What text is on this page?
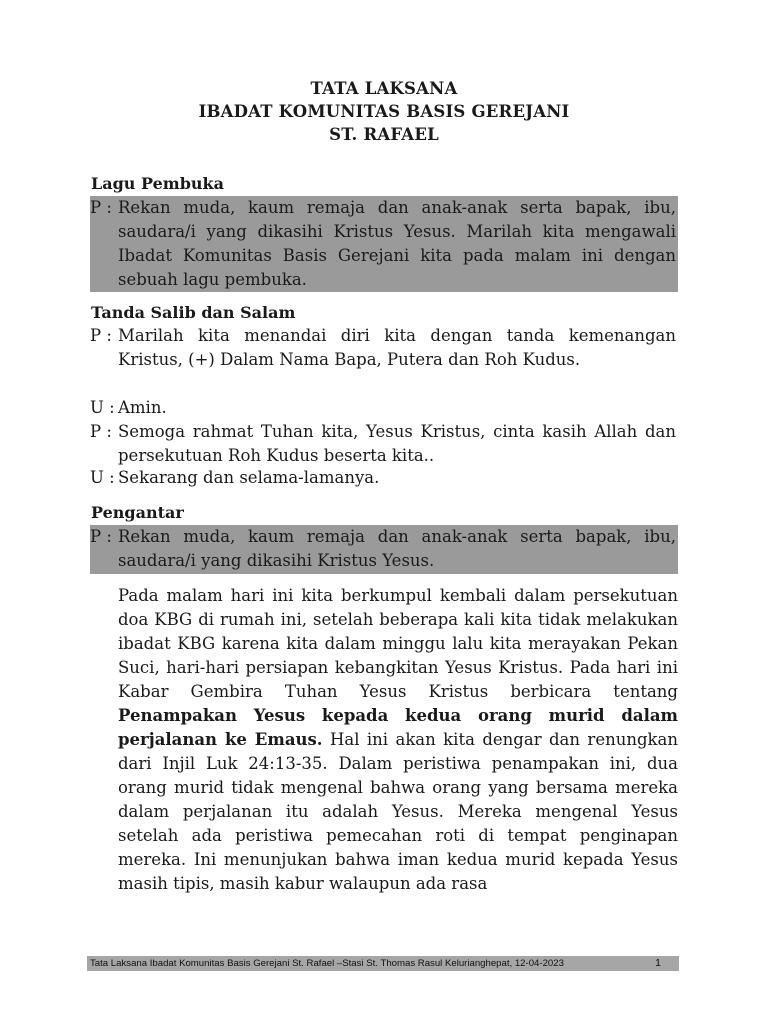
TATA LAKSANA
IBADAT KOMUNITAS BASIS GEREJANI
ST. RAFAEL
Lagu Pembuka
P : Rekan muda, kaum remaja dan anak-anak serta bapak, ibu, saudara/i yang dikasihi Kristus Yesus. Marilah kita mengawali Ibadat Komunitas Basis Gerejani kita pada malam ini dengan sebuah lagu pembuka.
Tanda Salib dan Salam
P : Marilah kita menandai diri kita dengan tanda kemenangan Kristus, (+) Dalam Nama Bapa, Putera dan Roh Kudus.
U : Amin.
P : Semoga rahmat Tuhan kita, Yesus Kristus, cinta kasih Allah dan persekutuan Roh Kudus beserta kita..
U : Sekarang dan selama-lamanya.
Pengantar
P : Rekan muda, kaum remaja dan anak-anak serta bapak, ibu, saudara/i yang dikasihi Kristus Yesus.
Pada malam hari ini kita berkumpul kembali dalam persekutuan doa KBG di rumah ini, setelah beberapa kali kita tidak melakukan ibadat KBG karena kita dalam minggu lalu kita merayakan Pekan Suci, hari-hari persiapan kebangkitan Yesus Kristus. Pada hari ini Kabar Gembira Tuhan Yesus Kristus berbicara tentang Penampakan Yesus kepada kedua orang murid dalam perjalanan ke Emaus. Hal ini akan kita dengar dan renungkan dari Injil Luk 24:13-35. Dalam peristiwa penampakan ini, dua orang murid tidak mengenal bahwa orang yang bersama mereka dalam perjalanan itu adalah Yesus. Mereka mengenal Yesus setelah ada peristiwa pemecahan roti di tempat penginapan mereka. Ini menunjukan bahwa iman kedua murid kepada Yesus masih tipis, masih kabur walaupun ada rasa
Tata Laksana Ibadat Komunitas Basis Gerejani St. Rafael –Stasi St. Thomas Rasul Keluriangh​epat, 12-04-2023	1
